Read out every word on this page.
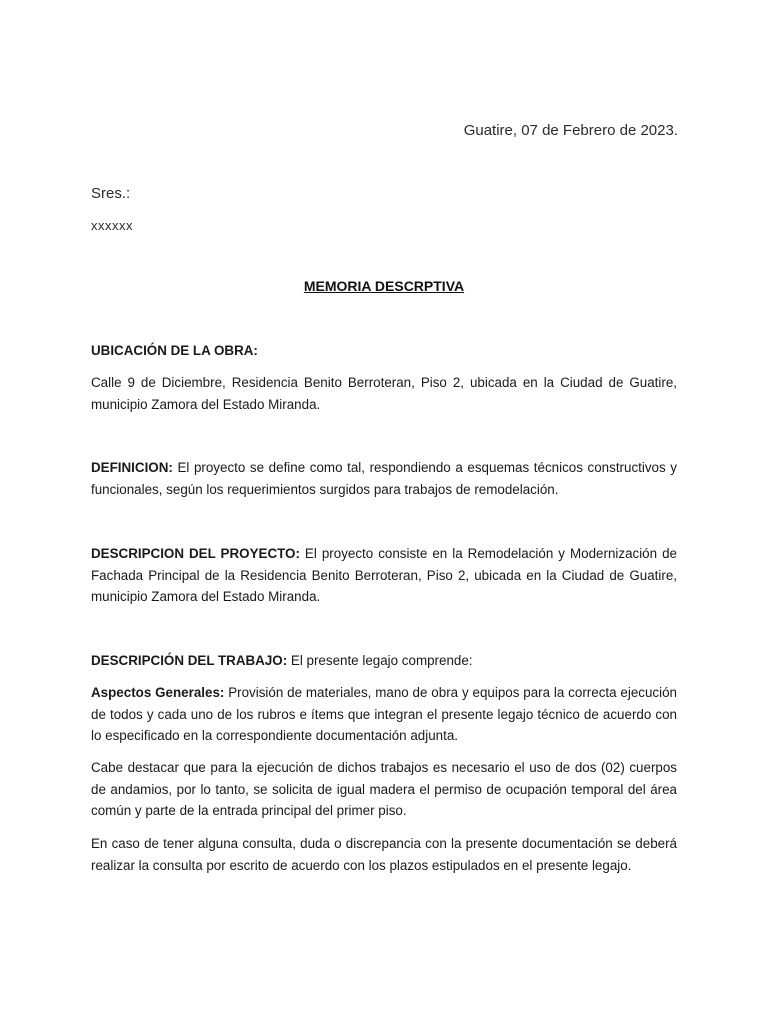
Guatire, 07 de Febrero de 2023.
Sres.:
xxxxxx
MEMORIA DESCRPTIVA
UBICACIÓN DE LA OBRA:
Calle 9 de Diciembre, Residencia Benito Berroteran, Piso 2, ubicada en la Ciudad de Guatire, municipio Zamora del Estado Miranda.
DEFINICION: El proyecto se define como tal, respondiendo a esquemas técnicos constructivos y funcionales, según los requerimientos surgidos para trabajos de remodelación.
DESCRIPCION DEL PROYECTO: El proyecto consiste en la Remodelación y Modernización de Fachada Principal de la Residencia Benito Berroteran, Piso 2, ubicada en la Ciudad de Guatire, municipio Zamora del Estado Miranda.
DESCRIPCIÓN DEL TRABAJO: El presente legajo comprende:
Aspectos Generales: Provisión de materiales, mano de obra y equipos para la correcta ejecución de todos y cada uno de los rubros e ítems que integran el presente legajo técnico de acuerdo con lo especificado en la correspondiente documentación adjunta.
Cabe destacar que para la ejecución de dichos trabajos es necesario el uso de dos (02) cuerpos de andamios, por lo tanto, se solicita de igual madera el permiso de ocupación temporal del área común y parte de la entrada principal del primer piso.
En caso de tener alguna consulta, duda o discrepancia con la presente documentación se deberá realizar la consulta por escrito de acuerdo con los plazos estipulados en el presente legajo.
